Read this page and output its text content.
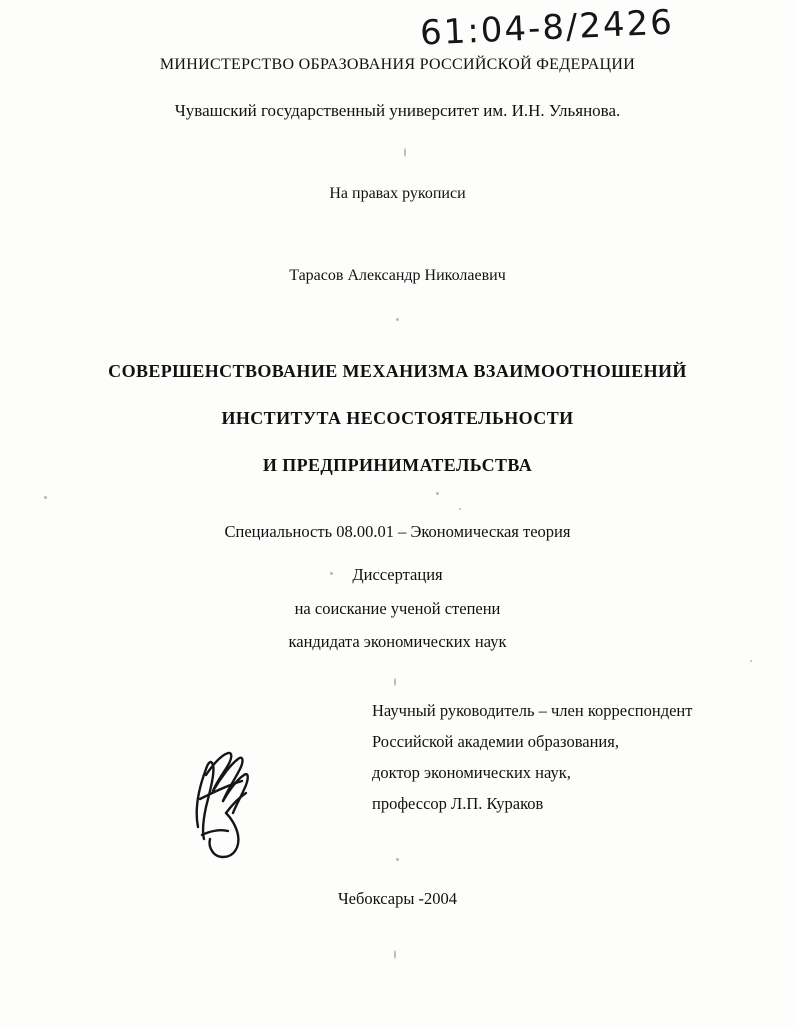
61:04-8/2426
МИНИСТЕРСТВО ОБРАЗОВАНИЯ РОССИЙСКОЙ ФЕДЕРАЦИИ
Чувашский государственный университет им. И.Н. Ульянова.
На правах рукописи
Тарасов Александр Николаевич
СОВЕРШЕНСТВОВАНИЕ МЕХАНИЗМА ВЗАИМООТНОШЕНИЙ
ИНСТИТУТА НЕСОСТОЯТЕЛЬНОСТИ
И ПРЕДПРИНИМАТЕЛЬСТВА
Специальность 08.00.01 – Экономическая теория
Диссертация
на соискание ученой степени
кандидата экономических наук
Научный руководитель – член корреспондент
Российской академии образования,
доктор экономических наук,
профессор Л.П. Кураков
Чебоксары -2004
